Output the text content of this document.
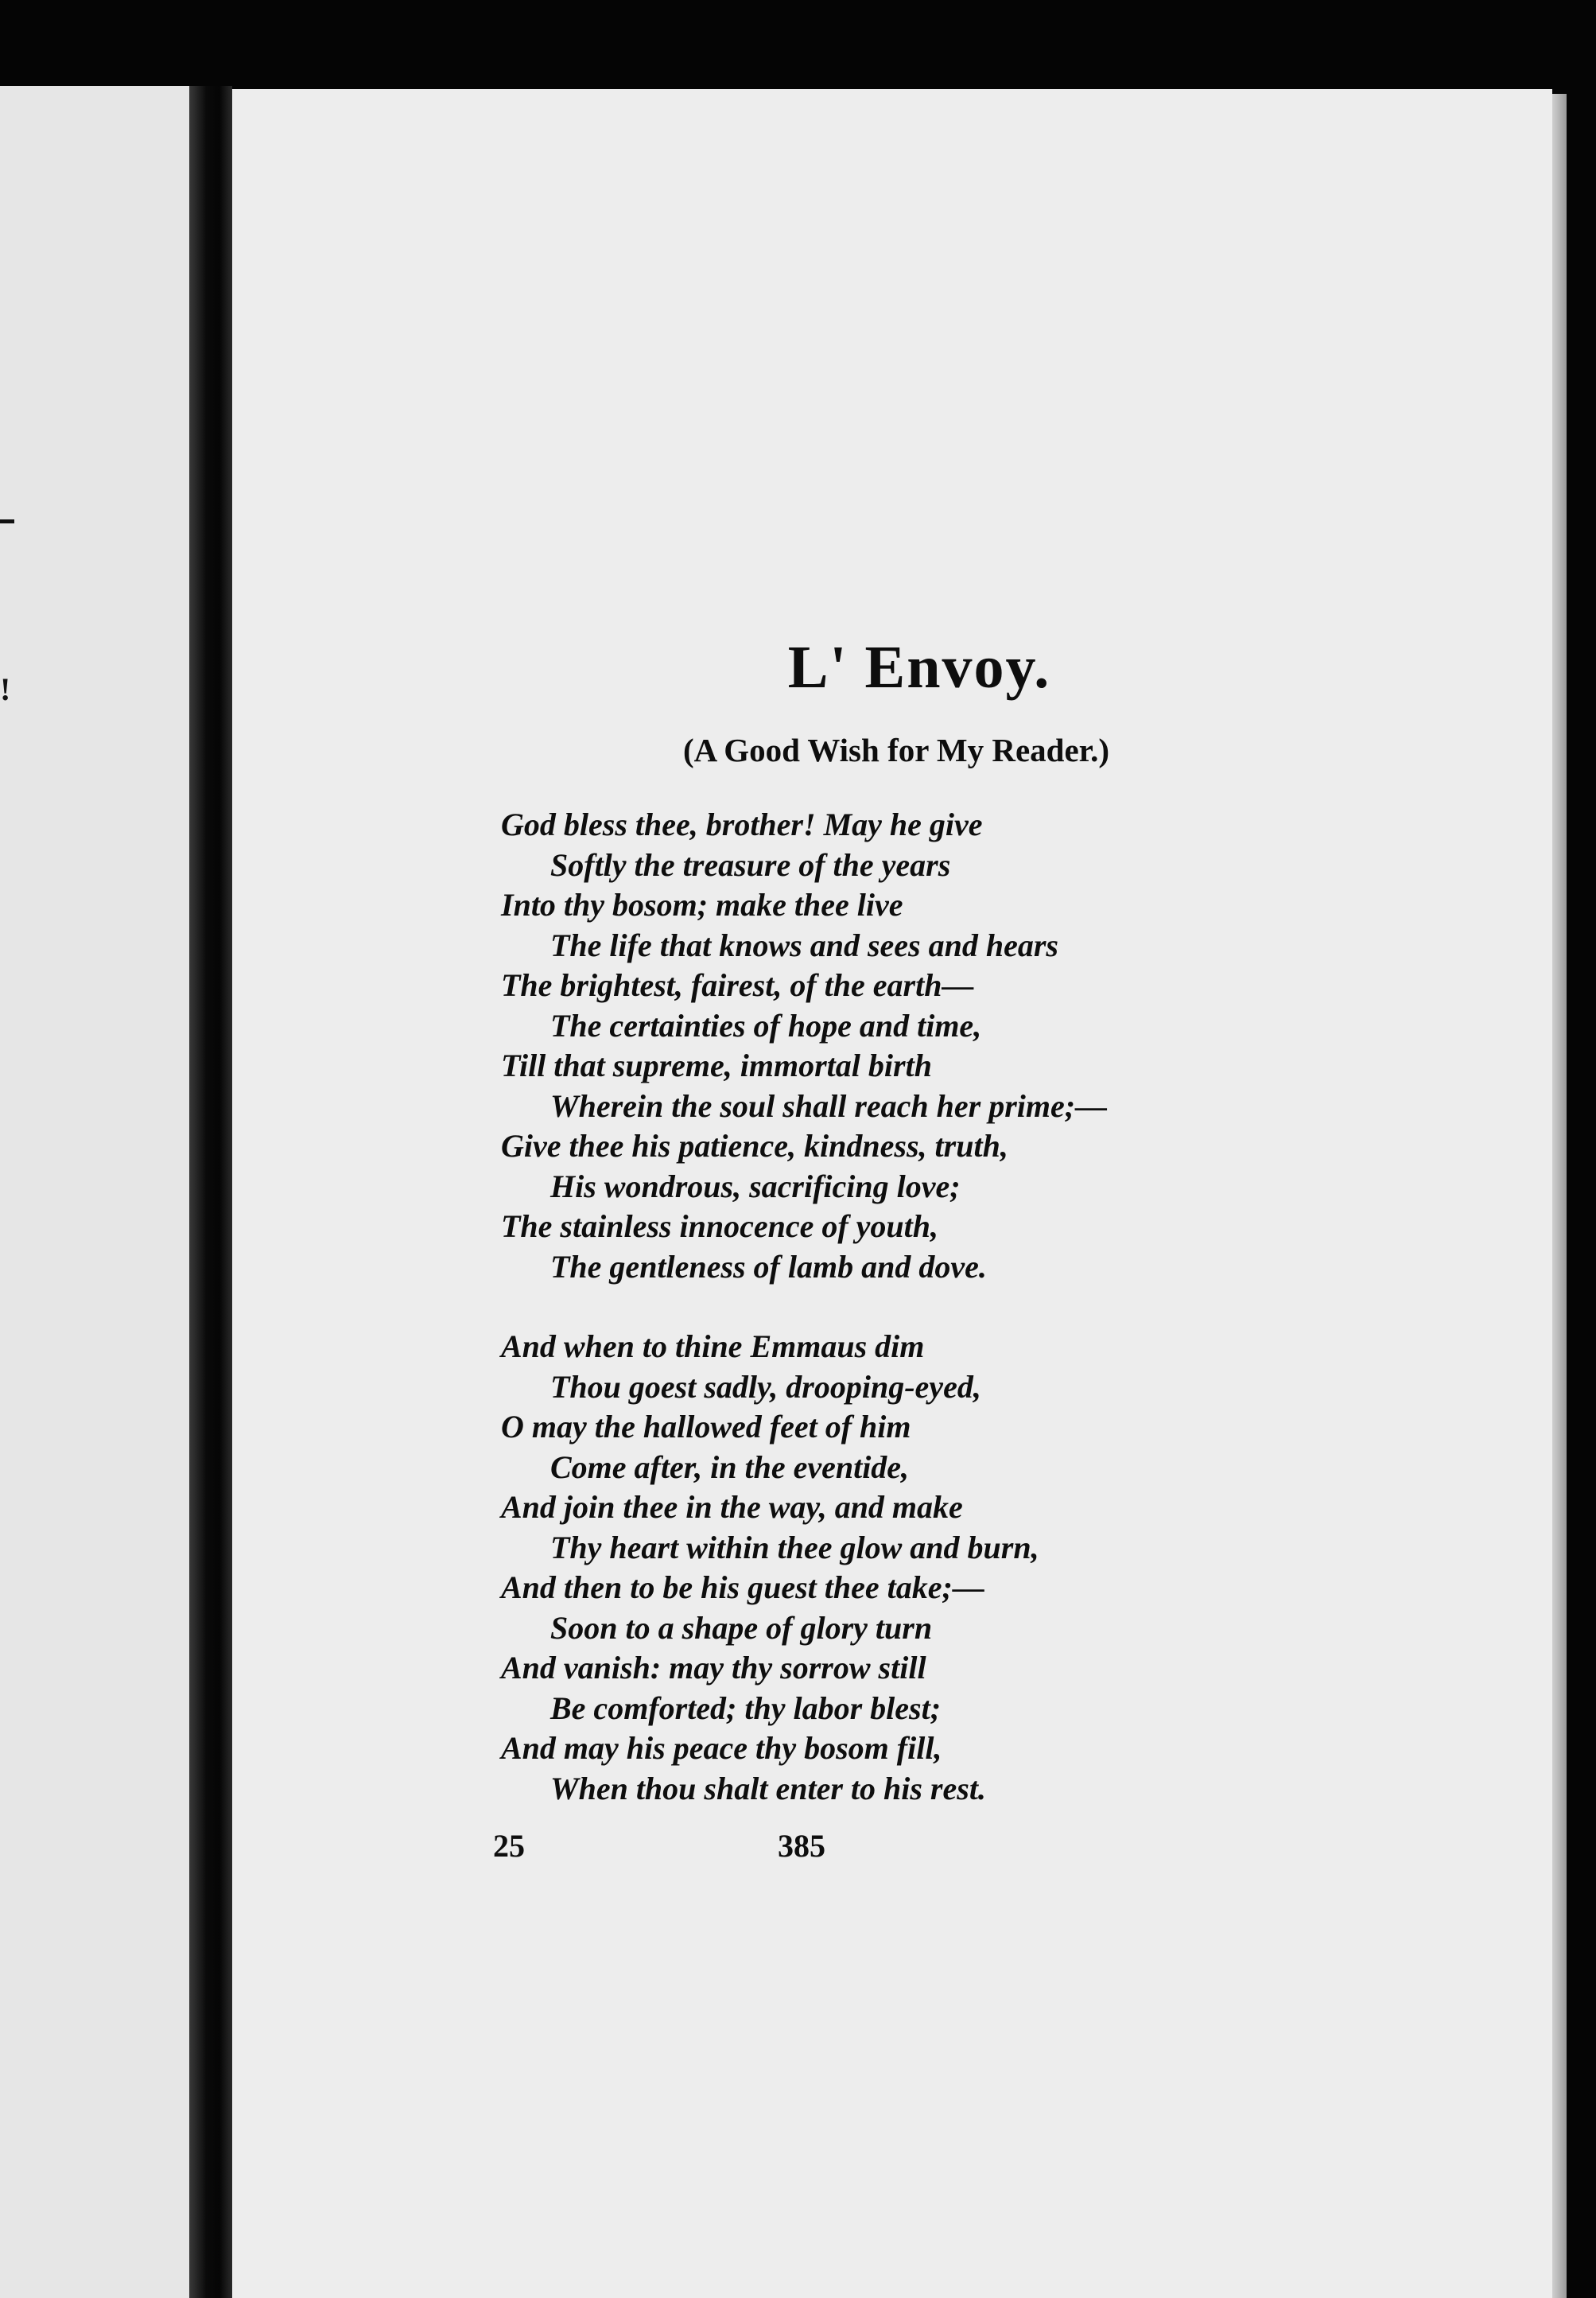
!	L' Envoy.
(A Good Wish for My Reader.)
God bless thee, brother! May he give
Softly the treasure of the years
Into thy bosom; make thee live
The life that knows and sees and hears
The brightest, fairest, of the earth—
The certainties of hope and time,
Till that supreme, immortal birth
Wherein the soul shall reach her prime;—
Give thee his patience, kindness, truth,
His wondrous, sacrificing love;
The stainless innocence of youth,
The gentleness of lamb and dove.
And when to thine Emmaus dim
Thou goest sadly, drooping-eyed,
O may the hallowed feet of him
Come after, in the eventide,
And join thee in the way, and make
Thy heart within thee glow and burn,
And then to be his guest thee take;—
Soon to a shape of glory turn
And vanish: may thy sorrow still
Be comforted; thy labor blest;
And may his peace thy bosom fill,
When thou shalt enter to his rest.
25	385
